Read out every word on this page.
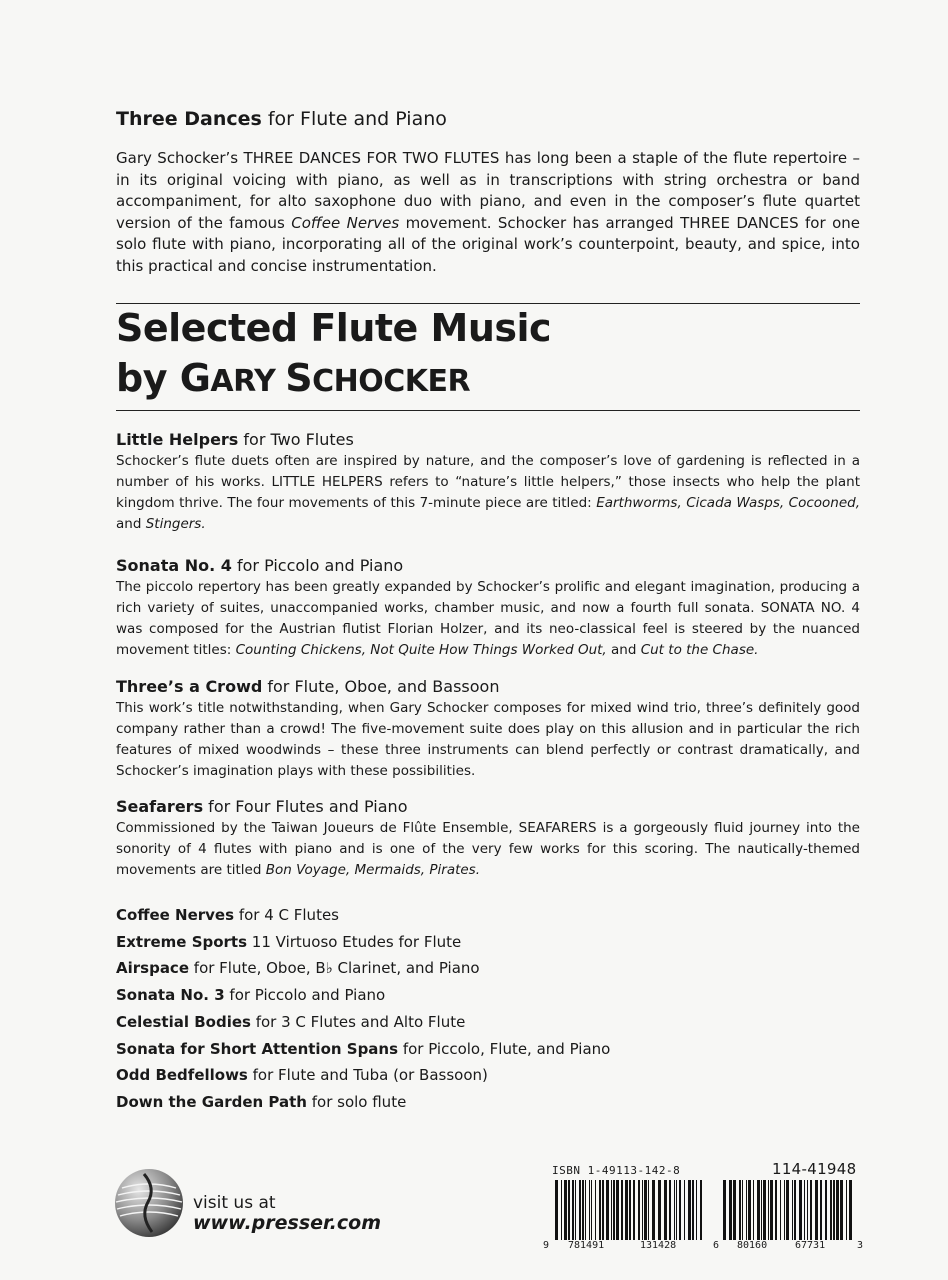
Three Dances for Flute and Piano
Gary Schocker’s THREE DANCES FOR TWO FLUTES has long been a staple of the flute repertoire – in its original voicing with piano, as well as in transcriptions with string orchestra or band accompaniment, for alto saxophone duo with piano, and even in the composer’s flute quartet version of the famous Coffee Nerves movement. Schocker has arranged THREE DANCES for one solo flute with piano, incorporating all of the original work’s counterpoint, beauty, and spice, into this practical and concise instrumentation.
Selected Flute Music
by GARY SCHOCKER
Little Helpers for Two Flutes
Schocker’s flute duets often are inspired by nature, and the composer’s love of gardening is reflected in a number of his works. LITTLE HELPERS refers to “nature’s little helpers,” those insects who help the plant kingdom thrive. The four movements of this 7-minute piece are titled: Earthworms, Cicada Wasps, Cocooned, and Stingers.
Sonata No. 4 for Piccolo and Piano
The piccolo repertory has been greatly expanded by Schocker’s prolific and elegant imagination, producing a rich variety of suites, unaccompanied works, chamber music, and now a fourth full sonata. SONATA NO. 4 was composed for the Austrian flutist Florian Holzer, and its neo-classical feel is steered by the nuanced movement titles: Counting Chickens, Not Quite How Things Worked Out, and Cut to the Chase.
Three’s a Crowd for Flute, Oboe, and Bassoon
This work’s title notwithstanding, when Gary Schocker composes for mixed wind trio, three’s definitely good company rather than a crowd! The five-movement suite does play on this allusion and in particular the rich features of mixed woodwinds – these three instruments can blend perfectly or contrast dramatically, and Schocker’s imagination plays with these possibilities.
Seafarers for Four Flutes and Piano
Commissioned by the Taiwan Joueurs de Flûte Ensemble, SEAFARERS is a gorgeously fluid journey into the sonority of 4 flutes with piano and is one of the very few works for this scoring. The nautically-themed movements are titled Bon Voyage, Mermaids, Pirates.
Coffee Nerves for 4 C Flutes
Extreme Sports 11 Virtuoso Etudes for Flute
Airspace for Flute, Oboe, B♭ Clarinet, and Piano
Sonata No. 3 for Piccolo and Piano
Celestial Bodies for 3 C Flutes and Alto Flute
Sonata for Short Attention Spans for Piccolo, Flute, and Piano
Odd Bedfellows for Flute and Tuba (or Bassoon)
Down the Garden Path for solo flute
visit us at
www.presser.com
ISBN 1-49113-142-8	114-41948
9 781491	131428	6 80160	67731	3
